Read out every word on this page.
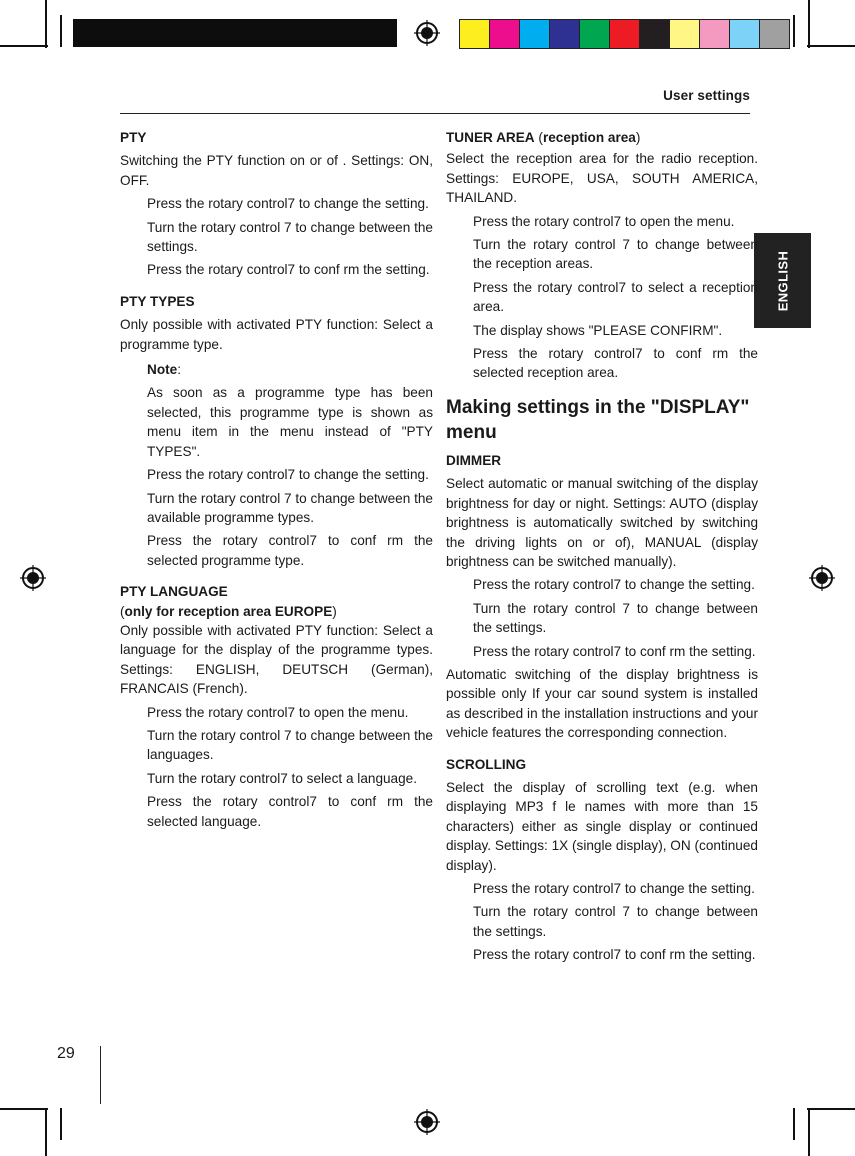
User settings
ENGLISH
PTY

Switching the PTY function on or of . Settings: ON, OFF.

Press the rotary control7 to change the setting.

Turn the rotary control 7 to change between the settings.

Press the rotary control7 to conf rm the setting.

PTY TYPES

Only possible with activated PTY function: Select a programme type.

Note:

As soon as a programme type has been selected, this programme type is shown as menu item in the menu instead of "PTY TYPES".

Press the rotary control7 to change the setting.

Turn the rotary control 7 to change between the available programme types.

Press the rotary control7 to conf rm the selected programme type.

PTY LANGUAGE

(only for reception area EUROPE)

Only possible with activated PTY function: Select a language for the display of the programme types. Settings: ENGLISH, DEUTSCH (German), FRANCAIS (French).

Press the rotary control7 to open the menu.

Turn the rotary control 7 to change between the languages.

Turn the rotary control7 to select a language.

Press the rotary control7 to conf rm the selected language.

TUNER AREA (reception area)

Select the reception area for the radio reception. Settings: EUROPE, USA, SOUTH AMERICA, THAILAND.

Press the rotary control7 to open the menu.

Turn the rotary control 7 to change between the reception areas.

Press the rotary control7 to select a reception area.

The display shows "PLEASE CONFIRM".

Press the rotary control7 to conf rm the selected reception area.

Making settings in the "DISPLAY" menu
DIMMER

Select automatic or manual switching of the display brightness for day or night. Settings: AUTO (display brightness is automatically switched by switching the driving lights on or of), MANUAL (display brightness can be switched manually).

Press the rotary control7 to change the setting.

Turn the rotary control 7 to change between the settings.

Press the rotary control7 to conf rm the setting.

Automatic switching of the display brightness is possible only If your car sound system is installed as described in the installation instructions and your vehicle features the corresponding connection.

SCROLLING

Select the display of scrolling text (e.g. when displaying MP3 f le names with more than 15 characters) either as single display or continued display. Settings: 1X (single display), ON (continued display).

Press the rotary control7 to change the setting.

Turn the rotary control 7 to change between the settings.

Press the rotary control7 to conf rm the setting.

29
